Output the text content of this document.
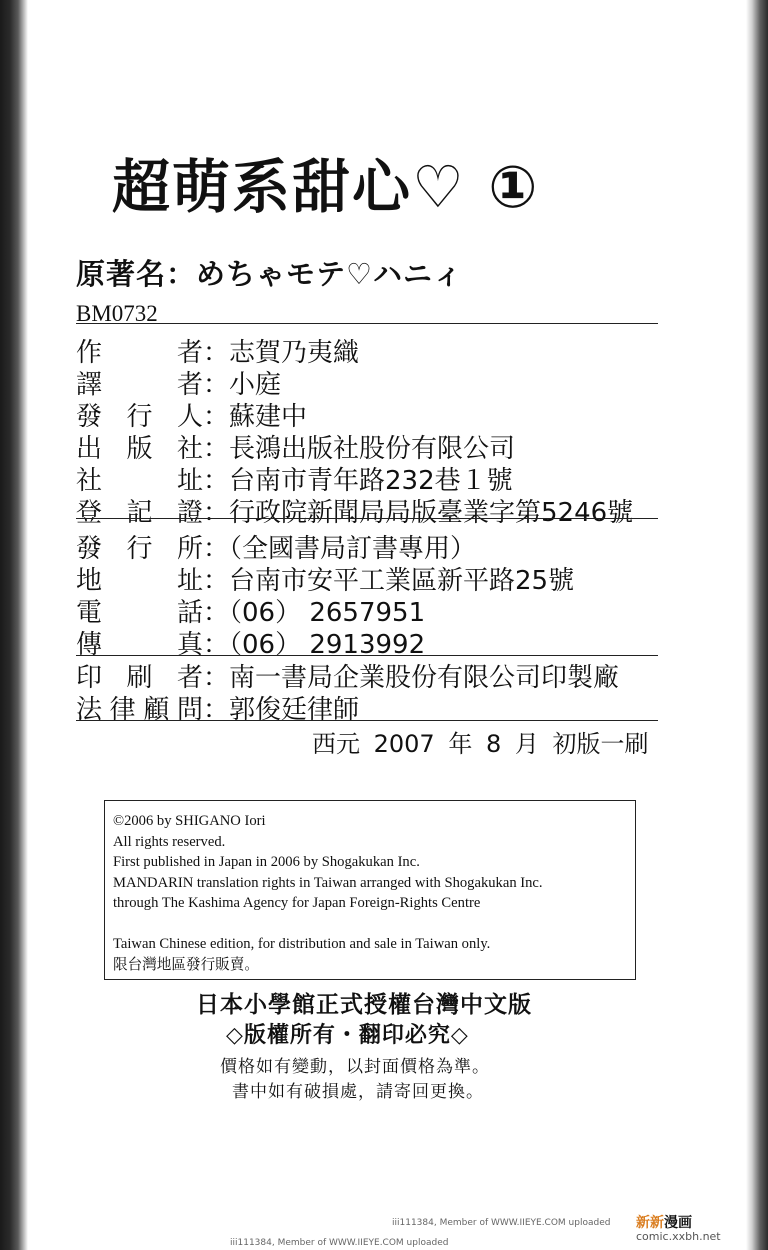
超萌系甜心♡ ①
原著名：めちゃモテ♡ハニィ
BM0732
作	者 ：志賀乃夷織
譯	者 ：小庭
發 行 人 ：蘇建中
出 版 社 ：長鴻出版社股份有限公司
社	址 ：台南市青年路232巷１號
登 記 證 ：行政院新聞局局版臺業字第5246號
發 行 所 ：（全國書局訂書專用）
地	址 ：台南市安平工業區新平路25號
電	話 ：（06） 2657951
傳	真 ：（06） 2913992
印 刷 者 ：南一書局企業股份有限公司印製廠
法 律 顧 問 ：郭俊廷律師
西元 2007 年 8 月 初版一刷
©2006 by SHIGANO Iori
All rights reserved.
First published in Japan in 2006 by Shogakukan Inc.
MANDARIN translation rights in Taiwan arranged with Shogakukan Inc.
through The Kashima Agency for Japan Foreign-Rights Centre
Taiwan Chinese edition, for distribution and sale in Taiwan only.
限台灣地區發行販賣。
日本小學館正式授權台灣中文版
◇版權所有・翻印必究◇
價格如有變動，以封面價格為準。
書中如有破損處，請寄回更換。
iii111384, Member of WWW.IIEYE.COM uploaded
iii111384, Member of WWW.IIEYE.COM uploaded
新新漫画
comic.xxbh.net
